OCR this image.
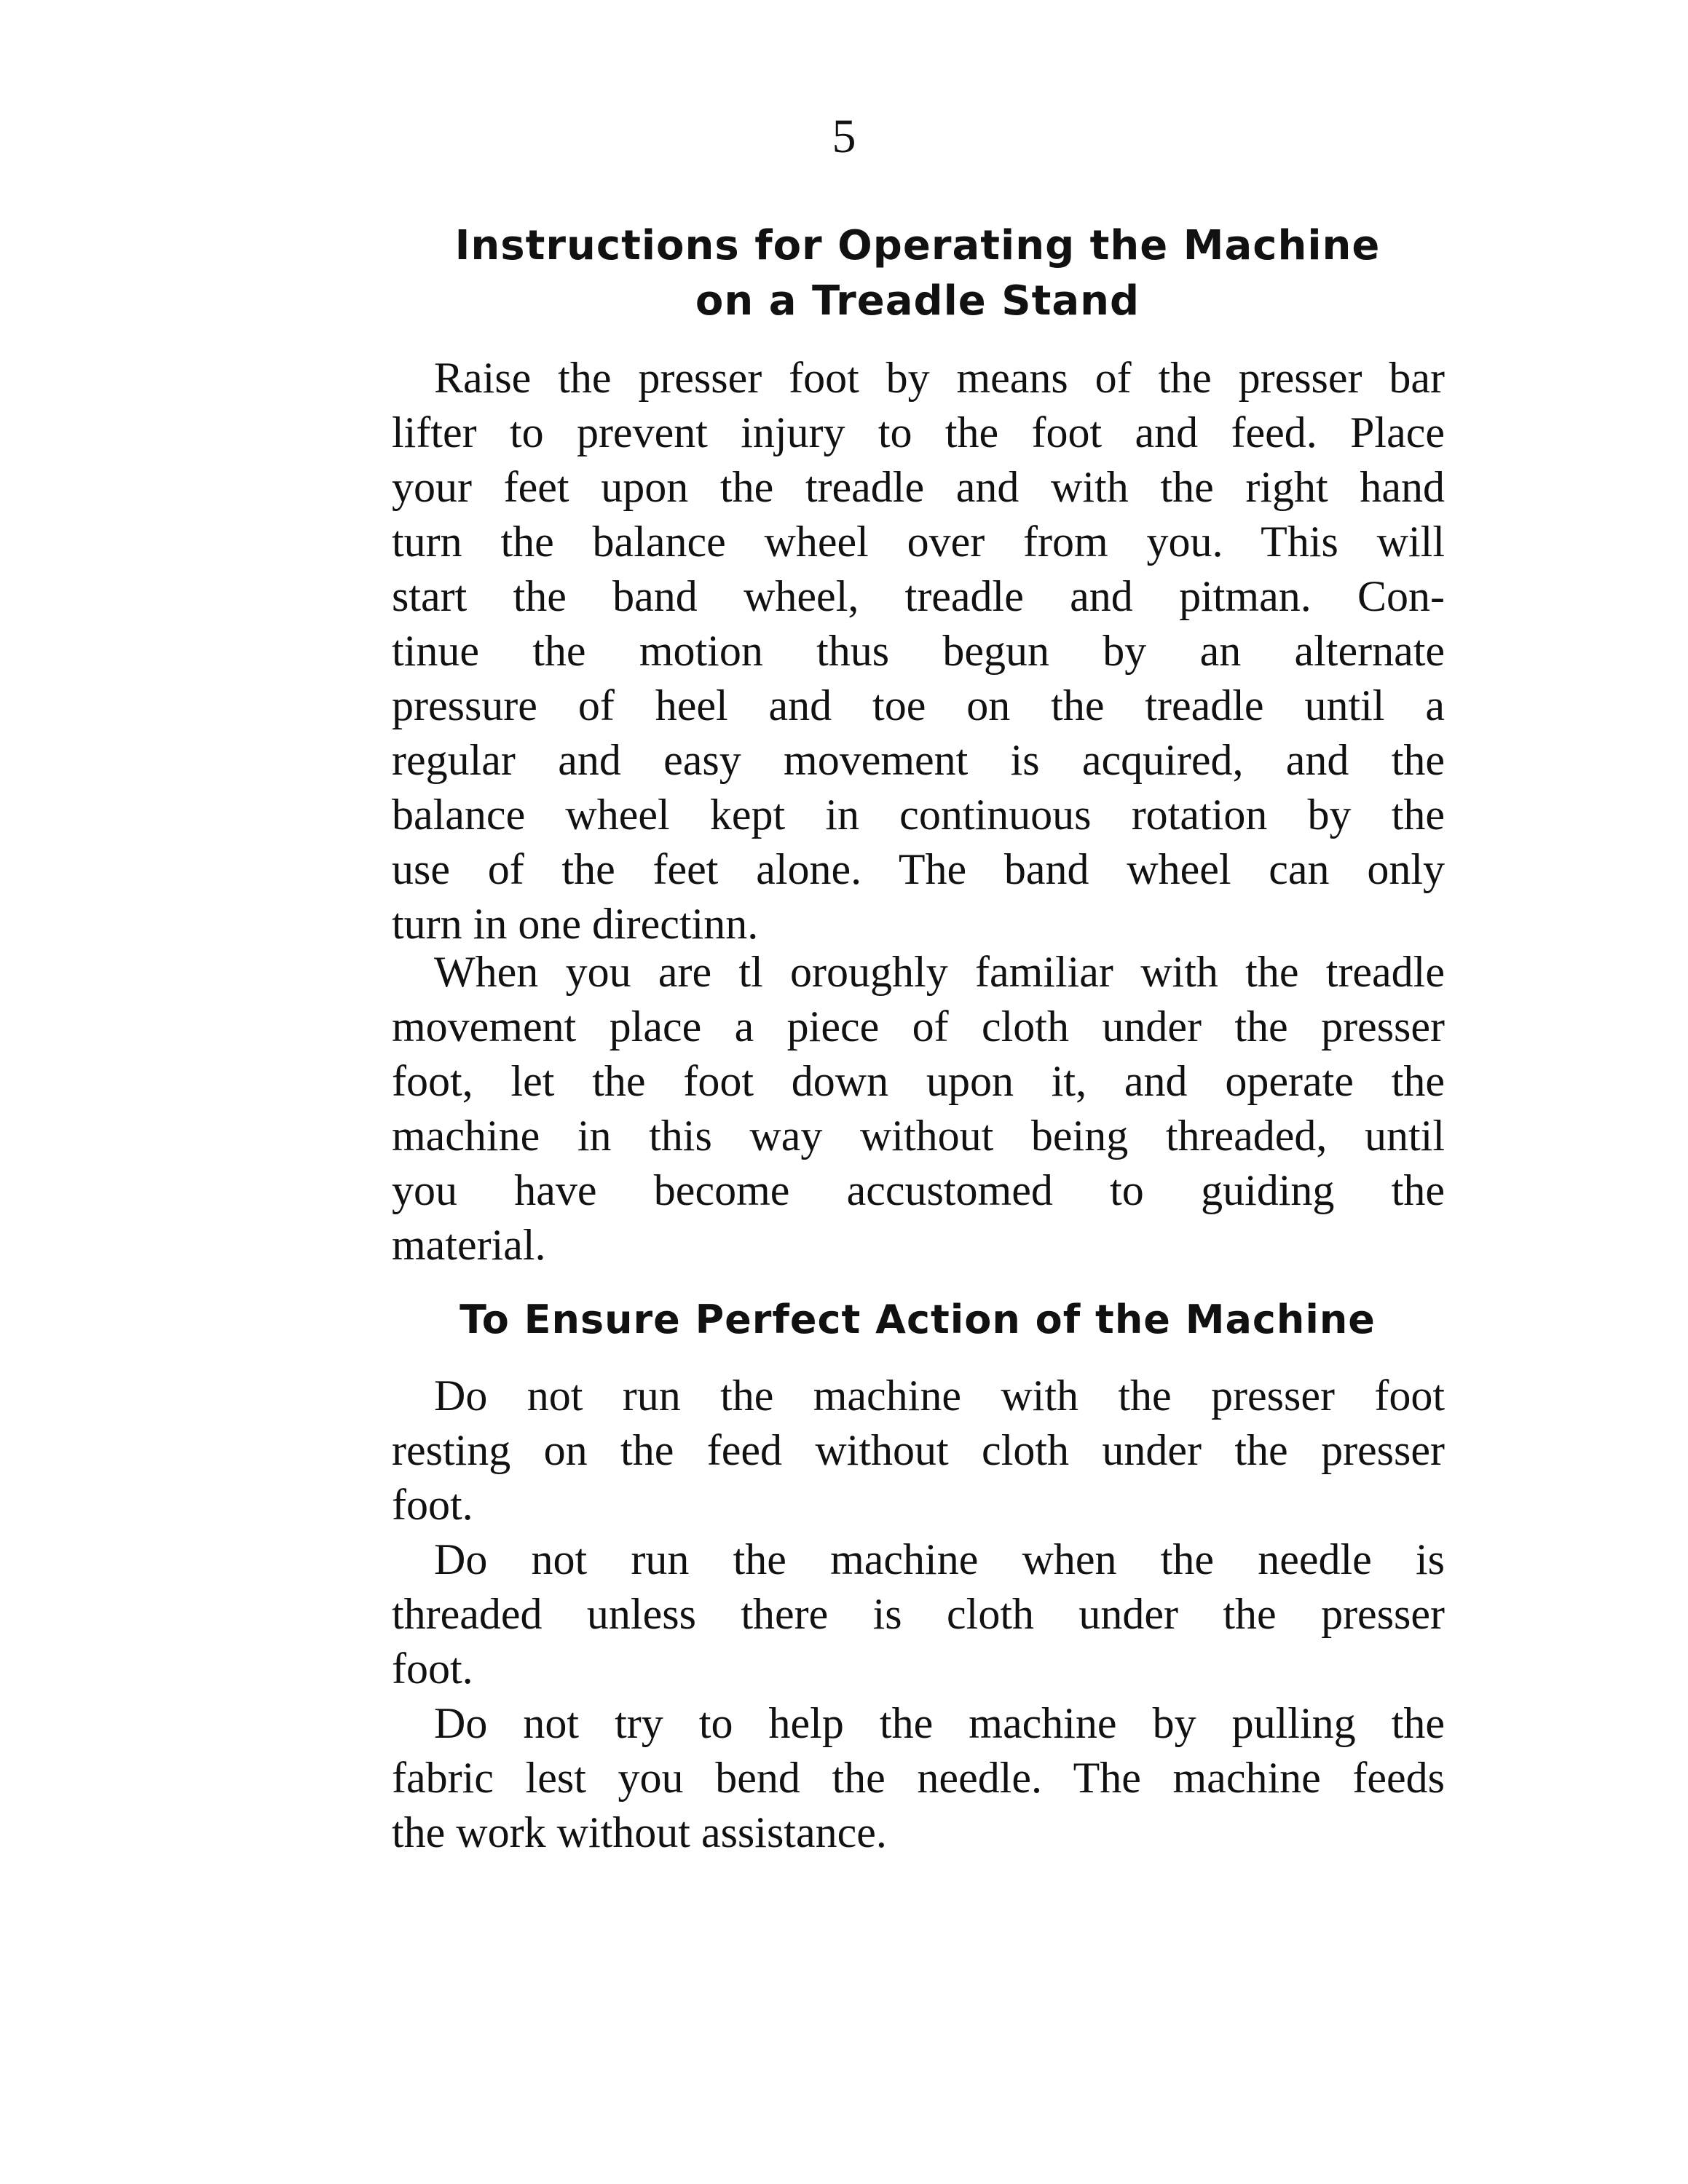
5
Instructions for Operating the Machine
on a Treadle Stand
Raise the presser foot by means of the presser bar
lifter to prevent injury to the foot and feed. Place
your feet upon the treadle and with the right hand
turn the balance wheel over from you. This will
start the band wheel, treadle and pitman. Con-
tinue the motion thus begun by an alternate
pressure of heel and toe on the treadle until a
regular and easy movement is acquired, and the
balance wheel kept in continuous rotation by the
use of the feet alone. The band wheel can only
turn in one directinn.
When you are tl oroughly familiar with the treadle
movement place a piece of cloth under the presser
foot, let the foot down upon it, and operate the
machine in this way without being threaded, until
you have become accustomed to guiding the
material.
To Ensure Perfect Action of the Machine
Do not run the machine with the presser foot
resting on the feed without cloth under the presser
foot.
Do not run the machine when the needle is
threaded unless there is cloth under the presser
foot.
Do not try to help the machine by pulling the
fabric lest you bend the needle. The machine feeds
the work without assistance.
